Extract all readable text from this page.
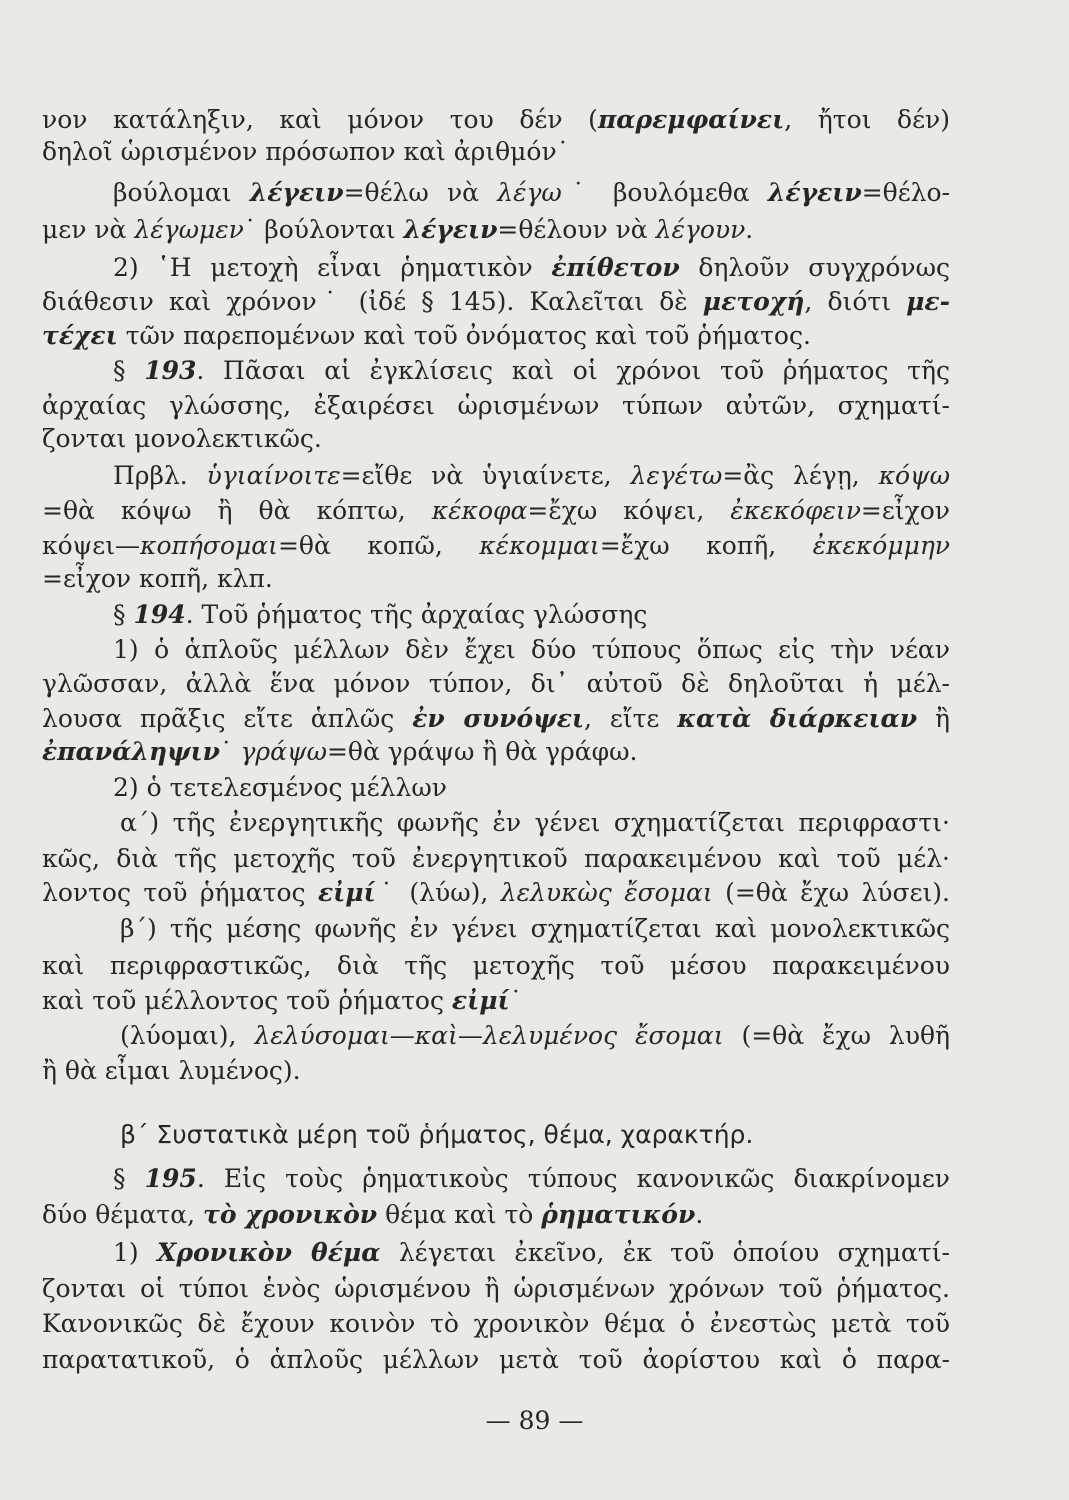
νον κατάληξιν, καὶ μόνον του δέν (παρεμφαίνει, ἤτοι δέν)
δηλοῖ ὡρισμένον πρόσωπον καὶ ἀριθμόν˙
βούλομαι λέγειν=θέλω νὰ λέγω˙ βουλόμεθα λέγειν=θέλο-
μεν νὰ λέγωμεν˙ βούλονται λέγειν=θέλουν νὰ λέγουν.
2) ῾Η μετοχὴ εἶναι ῥηματικὸν ἐπίθετον δηλοῦν συγχρόνως
διάθεσιν καὶ χρόνον˙ (ἰδέ § 145). Καλεῖται δὲ μετοχή, διότι με-
τέχει τῶν παρεπομένων καὶ τοῦ ὀνόματος καὶ τοῦ ῥήματος.
§ 193. Πᾶσαι αἱ ἐγκλίσεις καὶ οἱ χρόνοι τοῦ ῥήματος τῆς
ἀρχαίας γλώσσης, ἐξαιρέσει ὡρισμένων τύπων αὐτῶν, σχηματί-
ζονται μονολεκτικῶς.
Πρβλ. ὑγιαίνοιτε=εἴθε νὰ ὑγιαίνετε, λεγέτω=ἂς λέγῃ, κόψω
=θὰ κόψω ἢ θὰ κόπτω, κέκοφα=ἔχω κόψει, ἐκεκόφειν=εἶχον
κόψει—κοπήσομαι=θὰ κοπῶ, κέκομμαι=ἔχω κοπῆ, ἐκεκόμμην
=εἶχον κοπῆ, κλπ.
§ 194. Τοῦ ῥήματος τῆς ἀρχαίας γλώσσης
1) ὁ ἁπλοῦς μέλλων δὲν ἔχει δύο τύπους ὅπως εἰς τὴν νέαν
γλῶσσαν, ἀλλὰ ἕνα μόνον τύπον, δι᾽ αὐτοῦ δὲ δηλοῦται ἡ μέλ-
λουσα πρᾶξις εἴτε ἁπλῶς ἐν συνόψει, εἴτε κατὰ διάρκειαν ἢ
ἐπανάληψιν˙ γράψω=θὰ γράψω ἢ θὰ γράφω.
2) ὁ τετελεσμένος μέλλων
α΄) τῆς ἐνεργητικῆς φωνῆς ἐν γένει σχηματίζεται περιφραστι·
κῶς, διὰ τῆς μετοχῆς τοῦ ἐνεργητικοῦ παρακειμένου καὶ τοῦ μέλ·
λοντος τοῦ ῥήματος εἰμί˙ (λύω), λελυκὼς ἔσομαι (=θὰ ἔχω λύσει).
β΄) τῆς μέσης φωνῆς ἐν γένει σχηματίζεται καὶ μονολεκτικῶς
καὶ περιφραστικῶς, διὰ τῆς μετοχῆς τοῦ μέσου παρακειμένου
καὶ τοῦ μέλλοντος τοῦ ῥήματος εἰμί˙
(λύομαι), λελύσομαι—καὶ—λελυμένος ἔσομαι (=θὰ ἔχω λυθῆ
ἢ θὰ εἶμαι λυμένος).
β΄ Συστατικὰ μέρη τοῦ ῥήματος, θέμα, χαρακτήρ.
§ 195. Εἰς τοὺς ῥηματικοὺς τύπους κανονικῶς διακρίνομεν
δύο θέματα, τὸ χρονικὸν θέμα καὶ τὸ ῥηματικόν.
1) Χρονικὸν θέμα λέγεται ἐκεῖνο, ἐκ τοῦ ὁποίου σχηματί-
ζονται οἱ τύποι ἑνὸς ὡρισμένου ἢ ὡρισμένων χρόνων τοῦ ῥήματος.
Κανονικῶς δὲ ἔχουν κοινὸν τὸ χρονικὸν θέμα ὁ ἐνεστὼς μετὰ τοῦ
παρατατικοῦ, ὁ ἁπλοῦς μέλλων μετὰ τοῦ ἀορίστου καὶ ὁ παρα-
— 89 —
